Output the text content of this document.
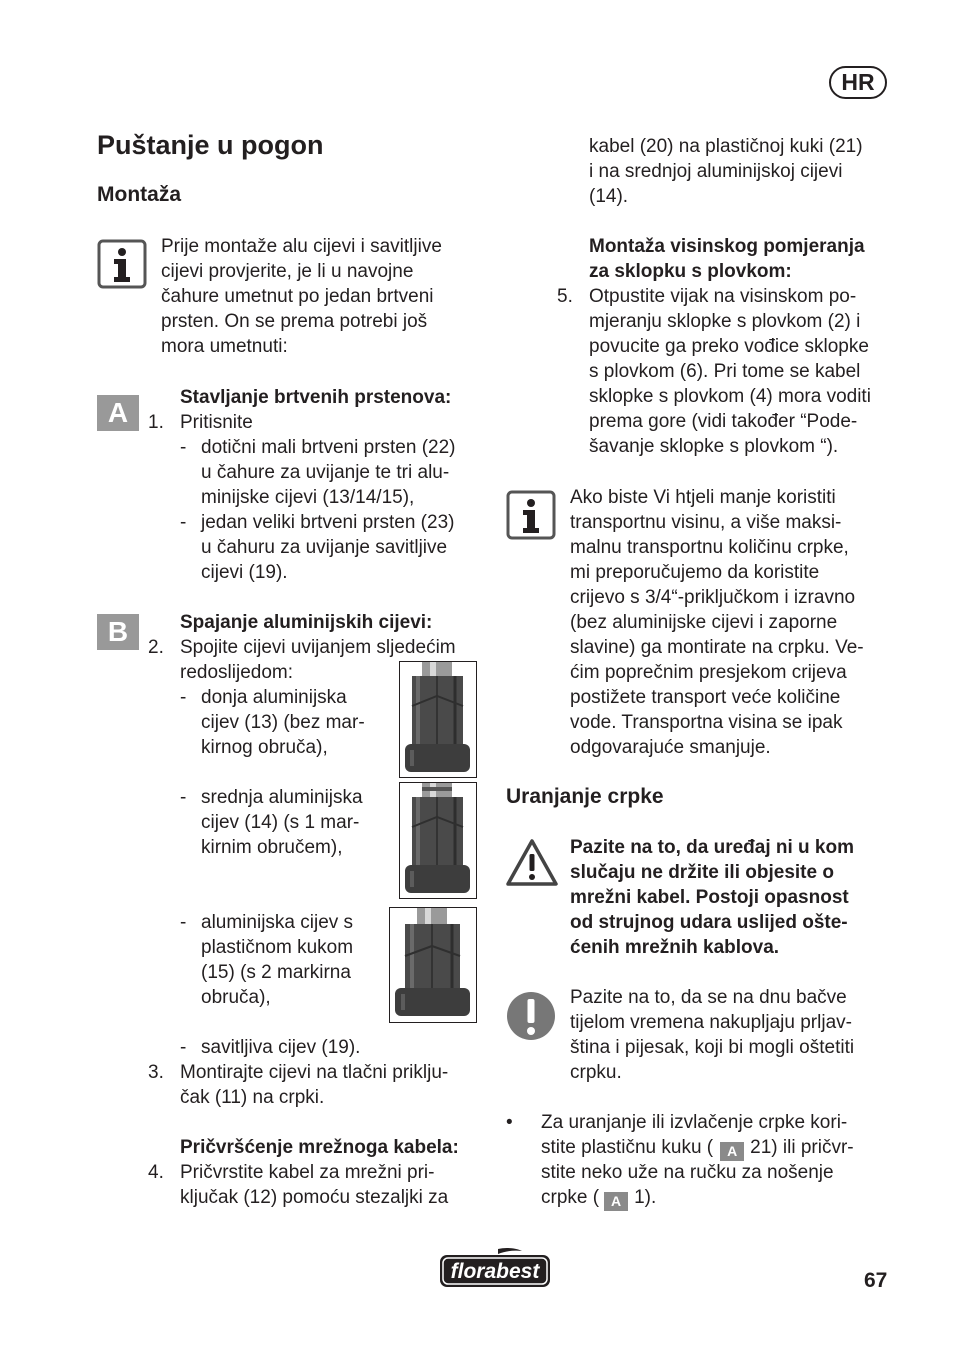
HR
Puštanje u pogon
Montaža
Prije montaže alu cijevi i savitljive
cijevi provjerite, je li u navojne
čahure umetnut po jedan brtveni
prsten. On se prema potrebi još
mora umetnuti:
A	Stavljanje brtvenih prstenova:
1. Pritisnite
- dotični mali brtveni prsten (22)
u čahure za uvijanje te tri alu-
minijske cijevi (13/14/15),
- jedan veliki brtveni prsten (23)
u čahuru za uvijanje savitljive
cijevi (19).
B	Spajanje aluminijskih cijevi:
2. Spojite cijevi uvijanjem sljedećim
redoslijedom:
- donja aluminijska
cijev (13) (bez mar-
kirnog obruča),
- srednja aluminijska
cijev (14) (s 1 mar-
kirnim obručem),
- aluminijska cijev s
plastičnom kukom
(15) (s 2 markirna
obruča),
- savitljiva cijev (19).
3. Montirajte cijevi na tlačni priklju-
čak (11) na crpki.
Pričvršćenje mrežnoga kabela:
4. Pričvrstite kabel za mrežni pri-
ključak (12) pomoću stezaljki za
kabel (20) na plastičnoj kuki (21)
i na srednjoj aluminijskoj cijevi
(14).
Montaža visinskog pomjeranja
za sklopku s plovkom:
5. Otpustite vijak na visinskom po-
mjeranju sklopke s plovkom (2) i
povucite ga preko vođice sklopke
s plovkom (6). Pri tome se kabel
sklopke s plovkom (4) mora voditi
prema gore (vidi također “Pode-
šavanje sklopke s plovkom “).
Ako biste Vi htjeli manje koristiti
transportnu visinu, a više maksi-
malnu transportnu količinu crpke,
mi preporučujemo da koristite
crijevo s 3/4“-priključkom i izravno
(bez aluminijske cijevi i zaporne
slavine) ga montirate na crpku. Ve-
ćim poprečnim presjekom crijeva
postižete transport veće količine
vode. Transportna visina se ipak
odgovarajuće smanjuje.
Uranjanje crpke
Pazite na to, da uređaj ni u kom
slučaju ne držite ili objesite o
mrežni kabel. Postoji opasnost
od strujnog udara uslijed ošte-
ćenih mrežnih kablova.
Pazite na to, da se na dnu bačve
tijelom vremena nakupljaju prljav-
ština i pijesak, koji bi mogli oštetiti
crpku.
• Za uranjanje ili izvlačenje crpke kori-
stite plastičnu kuku ( A 21) ili pričvr-
stite neko uže na ručku za nošenje
crpke ( A 1).
florabest	67
